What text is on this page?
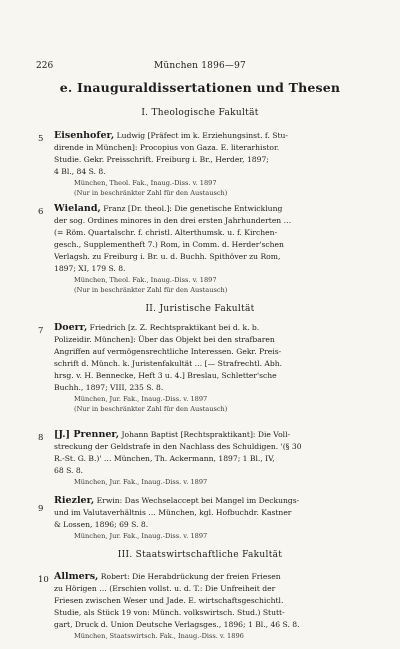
226	München 1896—97
e. Inauguraldissertationen und Thesen
I. Theologische Fakultät
5 Eisenhofer, Ludwig [Präfect im k. Erziehungsinst. f. Stu-
dirende in München]: Procopius von Gaza. E. literarhistor.
Studie. Gekr. Preisschrift. Freiburg i. Br., Herder, 1897;
4 Bl., 84 S. 8.
München, Theol. Fak., Inaug.-Diss. v. 1897
(Nur in beschränkter Zahl für den Austausch)
6 Wieland, Franz [Dr. theol.]: Die genetische Entwicklung
der sog. Ordines minores in den drei ersten Jahrhunderten …
(= Röm. Quartalschr. f. christl. Alterthumsk. u. f. Kirchen-
gesch., Supplementheft 7.) Rom, in Comm. d. Herder'schen
Verlagsh. zu Freiburg i. Br. u. d. Buchh. Spithöver zu Rom,
1897; XI, 179 S. 8.
München, Theol. Fak., Inaug.-Diss. v. 1897
(Nur in beschränkter Zahl für den Austausch)
II. Juristische Fakultät
7 Doerr, Friedrich [z. Z. Rechtspraktikant bei d. k. b.
Polizeidir. München]: Über das Objekt bei den strafbaren
Angriffen auf vermögensrechtliche Interessen. Gekr. Preis-
schrift d. Münch. k. Juristenfakultät … [— Strafrechtl. Abh.
hrsg. v. H. Bennecke, Heft 3 u. 4.] Breslau, Schletter'sche
Buchh., 1897; VIII, 235 S. 8.
München, Jur. Fak., Inaug.-Diss. v. 1897
(Nur in beschränkter Zahl für den Austausch)
8 [J.] Prenner, Johann Baptist [Rechtspraktikant]: Die Voll-
streckung der Geldstrafe in den Nachlass des Schuldigen. '(§ 30
R.-St. G. B.)' … München, Th. Ackermann, 1897; 1 Bl., IV,
68 S. 8.
München, Jur. Fak., Inaug.-Diss. v. 1897
9
Riezler, Erwin: Das Wechselaccept bei Mangel im Deckungs-
und im Valutaverhältnis … München, kgl. Hofbuchdr. Kastner
& Lossen, 1896; 69 S. 8.
München, Jur. Fak., Inaug.-Diss. v. 1897
III. Staatswirtschaftliche Fakultät
10 Allmers, Robert: Die Herabdrückung der freien Friesen
zu Hörigen … (Erschien vollst. u. d. T.: Die Unfreiheit der
Friesen zwischen Weser und Jade. E. wirtschaftsgeschichtl.
Studie, als Stück 19 von: Münch. volkswirtsch. Stud.) Stutt-
gart, Druck d. Union Deutsche Verlagsges., 1896; 1 Bl., 46 S. 8.
München, Staatswirtsch. Fak., Inaug.-Diss. v. 1896
